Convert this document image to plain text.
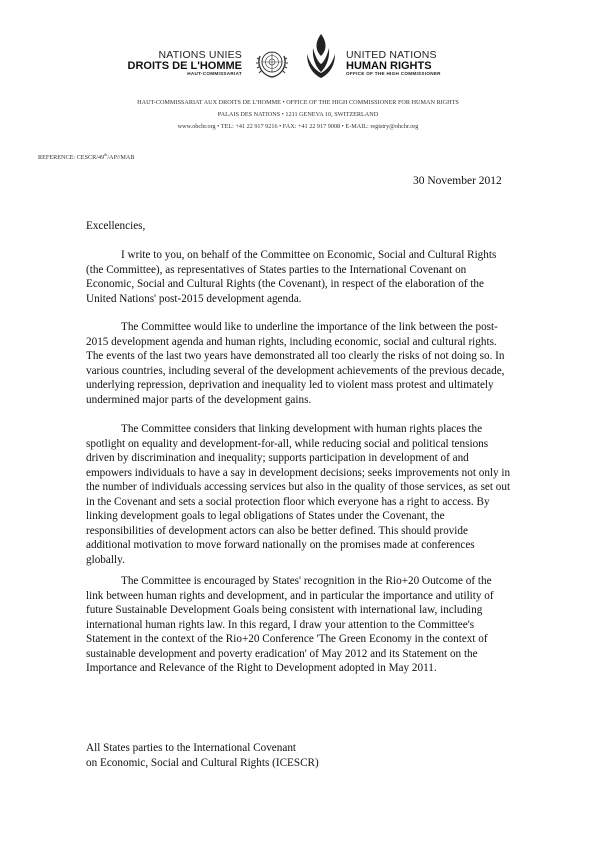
NATIONS UNIES
DROITS DE L'HOMME
HAUT-COMMISSARIAT
UNITED NATIONS
HUMAN RIGHTS
OFFICE OF THE HIGH COMMISSIONER
HAUT-COMMISSARIAT AUX DROITS DE L'HOMME • OFFICE OF THE HIGH COMMISSIONER FOR HUMAN RIGHTS
PALAIS DES NATIONS • 1211 GENEVA 10, SWITZERLAND
www.ohchr.org • TEL: +41 22 917 9216 • FAX: +41 22 917 9008 • E-MAIL: registry@ohchr.org
REFERENCE: CESCR/49th/AP//MAB
30 November 2012
Excellencies,
I write to you, on behalf of the Committee on Economic, Social and Cultural Rights (the Committee), as representatives of States parties to the International Covenant on Economic, Social and Cultural Rights (the Covenant), in respect of the elaboration of the United Nations' post-2015 development agenda.
The Committee would like to underline the importance of the link between the post-2015 development agenda and human rights, including economic, social and cultural rights. The events of the last two years have demonstrated all too clearly the risks of not doing so. In various countries, including several of the development achievements of the previous decade, underlying repression, deprivation and inequality led to violent mass protest and ultimately undermined major parts of the development gains.
The Committee considers that linking development with human rights places the spotlight on equality and development-for-all, while reducing social and political tensions driven by discrimination and inequality; supports participation in development of and empowers individuals to have a say in development decisions; seeks improvements not only in the number of individuals accessing services but also in the quality of those services, as set out in the Covenant and sets a social protection floor which everyone has a right to access. By linking development goals to legal obligations of States under the Covenant, the responsibilities of development actors can also be better defined. This should provide additional motivation to move forward nationally on the promises made at conferences globally.
The Committee is encouraged by States' recognition in the Rio+20 Outcome of the link between human rights and development, and in particular the importance and utility of future Sustainable Development Goals being consistent with international law, including international human rights law. In this regard, I draw your attention to the Committee's Statement in the context of the Rio+20 Conference 'The Green Economy in the context of sustainable development and poverty eradication' of May 2012 and its Statement on the Importance and Relevance of the Right to Development adopted in May 2011.
All States parties to the International Covenant
on Economic, Social and Cultural Rights (ICESCR)
